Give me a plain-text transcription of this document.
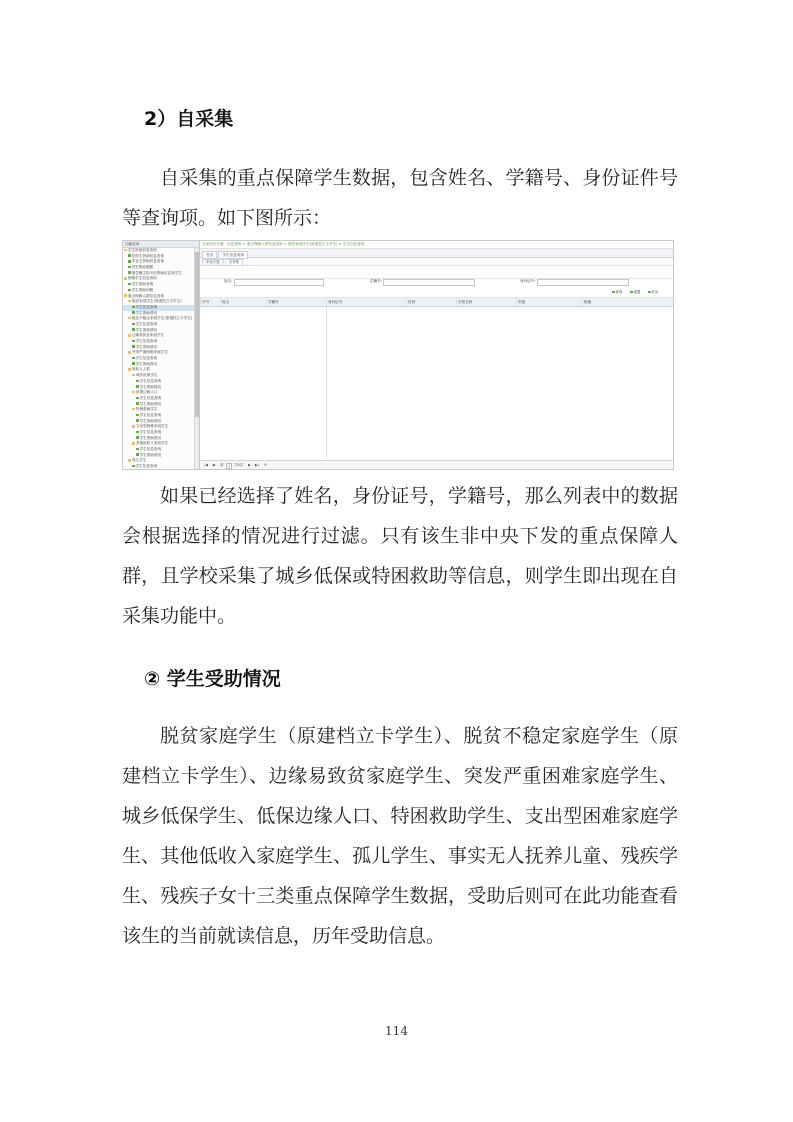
2）自采集

自采集的重点保障学生数据，包含姓名、学籍号、身份证件号等查询项。如下图所示：

功能菜单
学生资助信息查询
在校生资助信息查询
毕业生资助信息查询
历史资助数据
重学籍生拟历史资助信息查学生
困难学生信息查询
学生资助查询
学生资助问题
重点保障人群信息查询
脱贫家庭学生(原建档立卡学生)
学生信息查询
学生资助情况
脱贫不稳定家庭学生(原建档立卡学生)
学生信息查询
学生资助情况
边缘易致贫家庭学生
学生信息查询
学生资助情况
突发严重困难家庭学生
学生信息查询
学生资助情况
低收入人群
城乡低保学生
学生信息查询
学生资助情况
低保边缘人口
学生信息查询
学生资助情况
特困救助学生
学生信息查询
学生资助情况
支出型困难家庭学生
学生信息查询
学生资助情况
其他低收入家庭学生
学生信息查询
学生资助情况
孤儿学生
学生信息查询
当前所在位置：信息查询 > 重点保障人群信息查询 > 脱贫家庭学生(原建档立卡学生) > 学生信息查询
首页	学生信息查询
中央下发	自采集
姓名:	学籍号:	身份证号:
查询	重置	导出
序号	姓名	学籍号	身份证号	性别	学校名称	年级	班级
|◀ ◀ 第	1	共0页 ▶ ▶| ⟳

如果已经选择了姓名，身份证号，学籍号，那么列表中的数据会根据选择的情况进行过滤。只有该生非中央下发的重点保障人群，且学校采集了城乡低保或特困救助等信息，则学生即出现在自采集功能中。

② 学生受助情况

脱贫家庭学生（原建档立卡学生）、脱贫不稳定家庭学生（原建档立卡学生）、边缘易致贫家庭学生、突发严重困难家庭学生、城乡低保学生、低保边缘人口、特困救助学生、支出型困难家庭学生、其他低收入家庭学生、孤儿学生、事实无人抚养儿童、残疾学生、残疾子女十三类重点保障学生数据，受助后则可在此功能查看该生的当前就读信息，历年受助信息。

114
